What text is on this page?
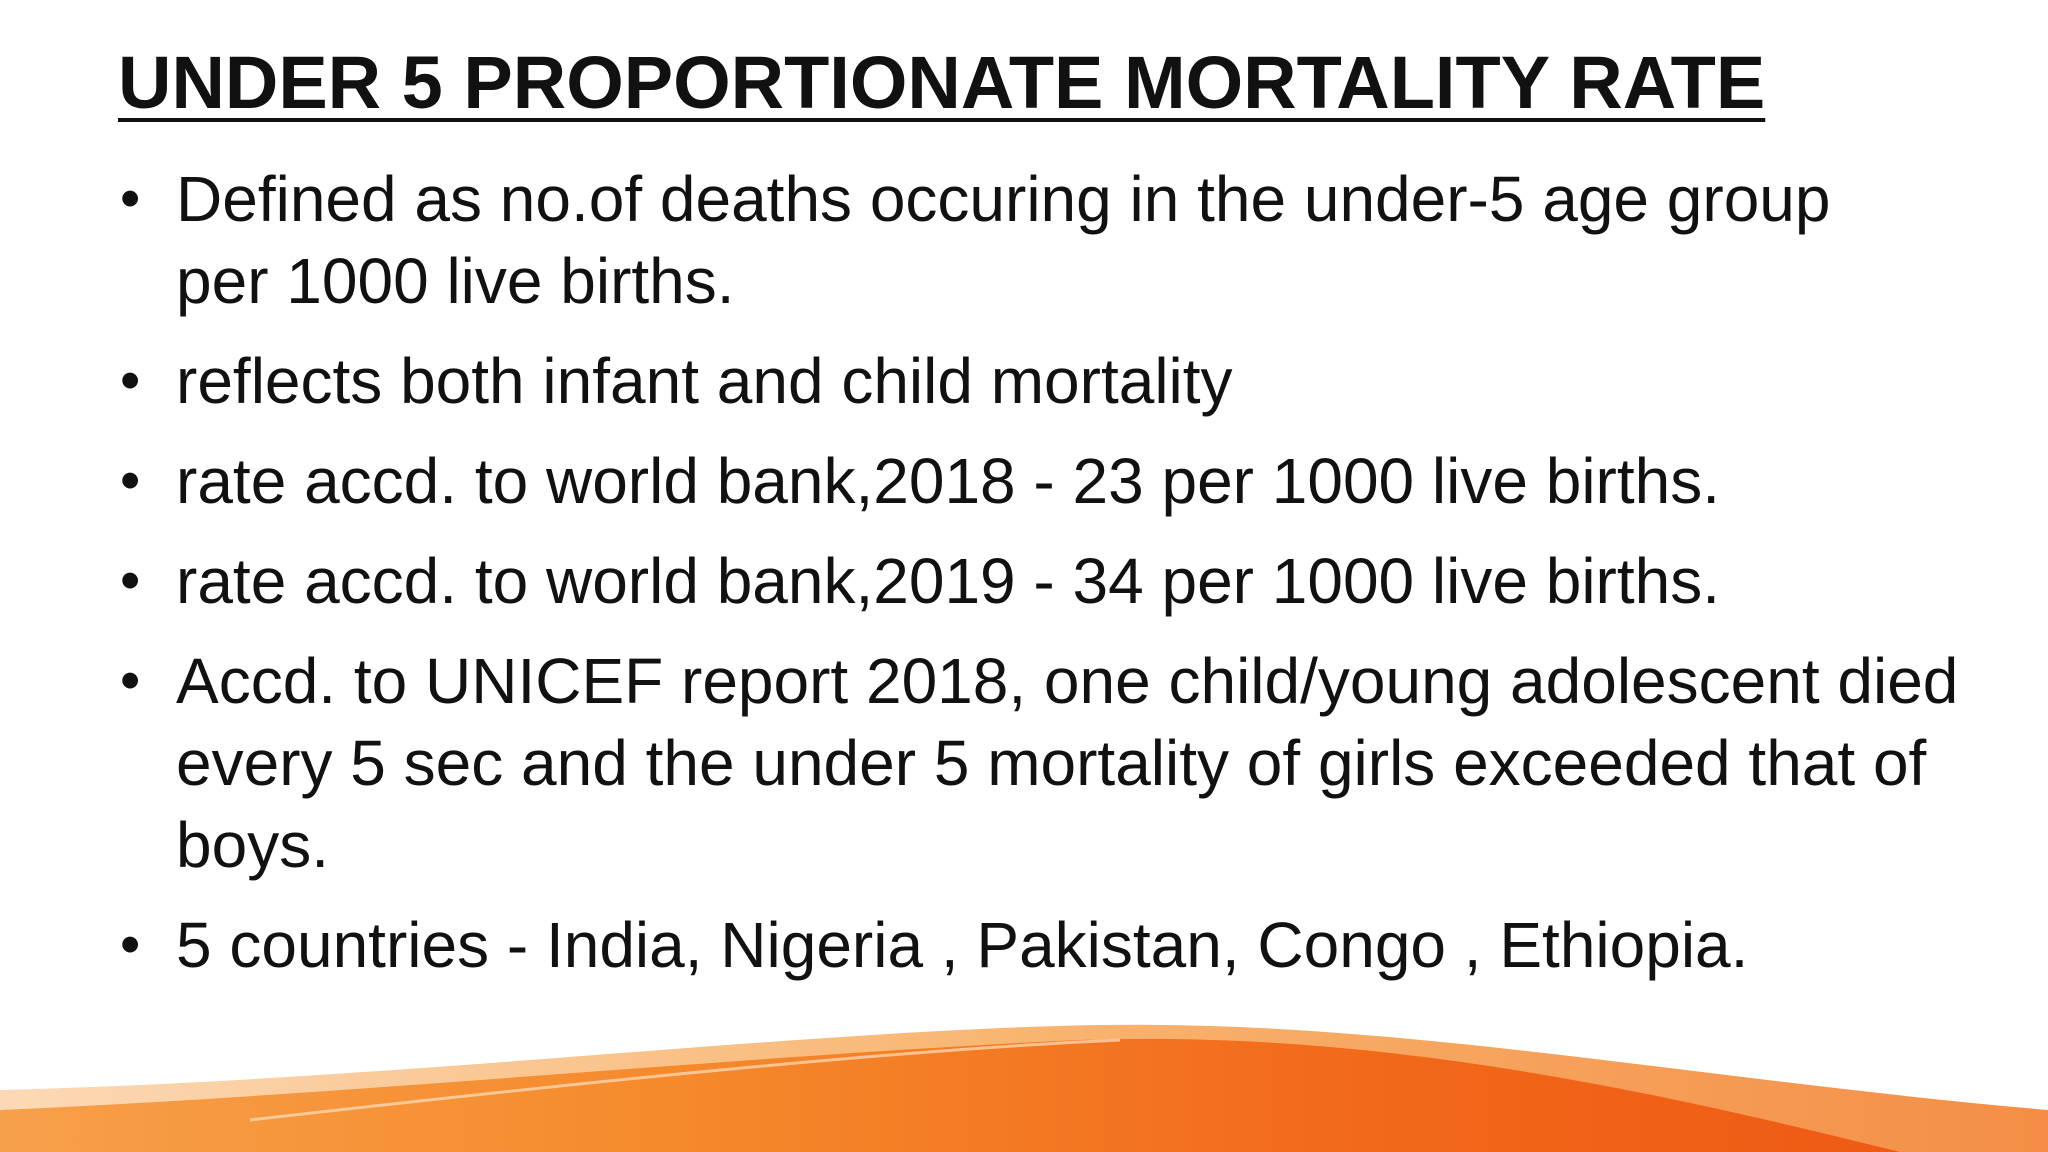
UNDER 5 PROPORTIONATE MORTALITY RATE
• Defined as no.of deaths occuring in the under-5 age group per 1000 live births.
• reflects both infant and child mortality
• rate accd. to world bank,2018 - 23 per 1000 live births.
• rate accd. to world bank,2019 - 34 per 1000 live births.
• Accd. to UNICEF report 2018, one child/young adolescent died every 5 sec and the under 5 mortality of girls exceeded that of boys.
• 5 countries - India, Nigeria , Pakistan, Congo , Ethiopia.
